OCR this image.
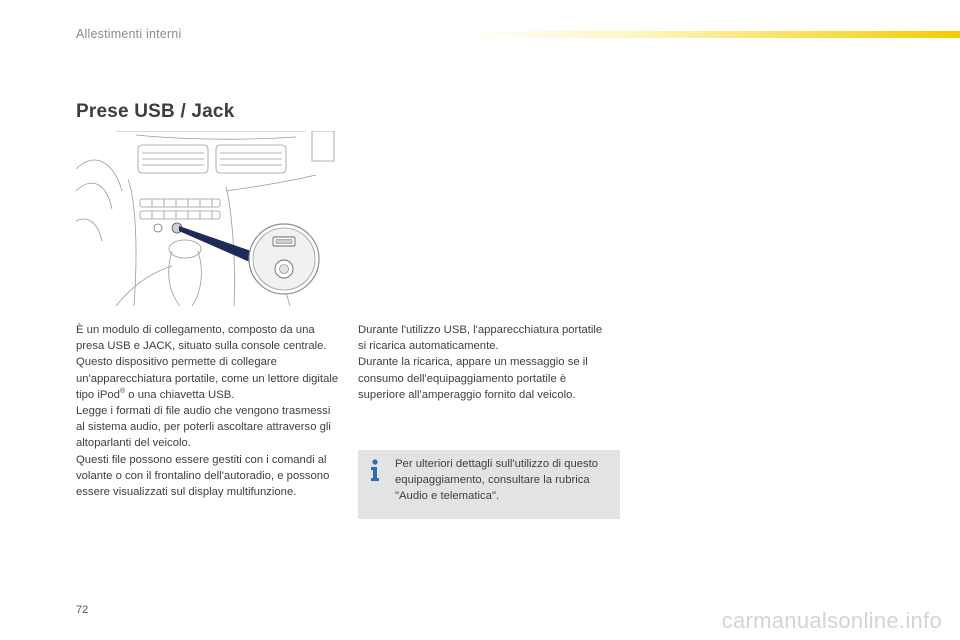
Allestimenti interni
Prese USB / Jack

È un modulo di collegamento, composto da una presa USB e JACK, situato sulla console centrale. Questo dispositivo permette di collegare un'apparecchiatura portatile, come un lettore digitale tipo iPod® o una chiavetta USB.

Legge i formati di file audio che vengono trasmessi al sistema audio, per poterli ascoltare attraverso gli altoparlanti del veicolo.

Questi file possono essere gestiti con i comandi al volante o con il frontalino dell'autoradio, e possono essere visualizzati sul display multifunzione.

Durante l'utilizzo USB, l'apparecchiatura portatile si ricarica automaticamente.

Durante la ricarica, appare un messaggio se il consumo dell'equipaggiamento portatile è superiore all'amperaggio fornito dal veicolo.

Per ulteriori dettagli sull'utilizzo di questo equipaggiamento, consultare la rubrica "Audio e telematica".
72	carmanualsonline.info
